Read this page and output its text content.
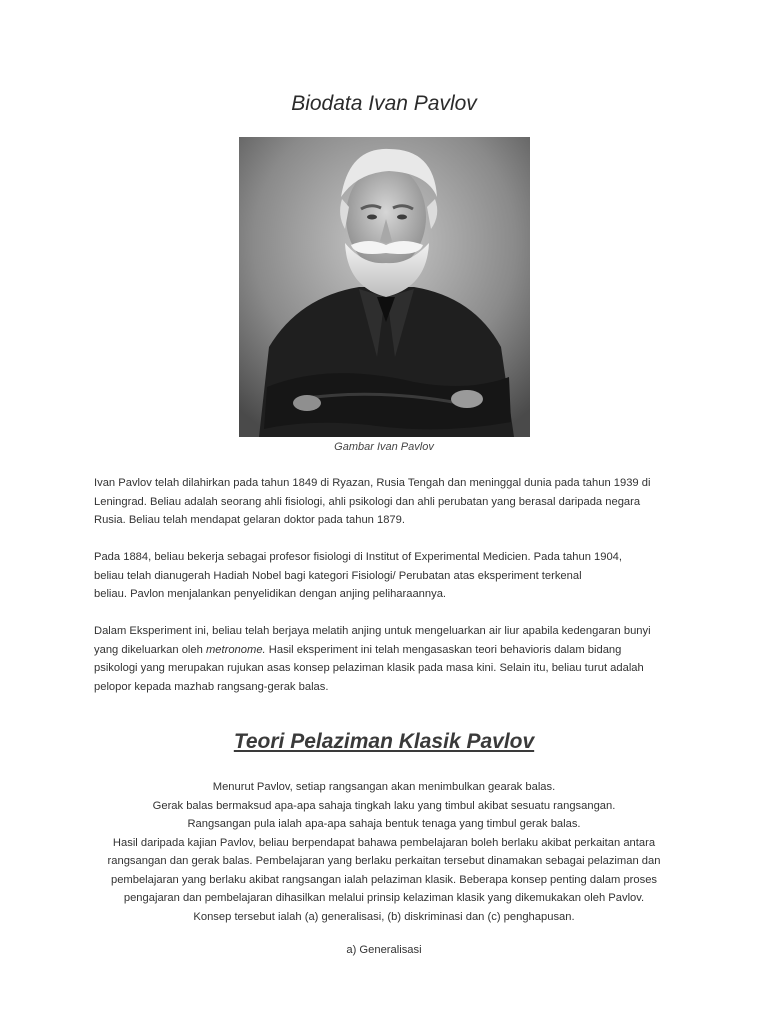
Biodata Ivan Pavlov
Gambar Ivan Pavlov

Ivan Pavlov telah dilahirkan pada tahun 1849 di Ryazan, Rusia Tengah dan meninggal dunia pada tahun 1939 di
Leningrad. Beliau adalah seorang ahli fisiologi, ahli psikologi dan ahli perubatan yang berasal daripada negara
Rusia. Beliau telah mendapat gelaran doktor pada tahun 1879.

Pada 1884, beliau bekerja sebagai profesor fisiologi di Institut of Experimental Medicien. Pada tahun 1904,
beliau telah dianugerah Hadiah Nobel bagi kategori Fisiologi/ Perubatan atas eksperiment terkenal
beliau. Pavlon menjalankan penyelidikan dengan anjing peliharaannya.

Dalam Eksperiment ini, beliau telah berjaya melatih anjing untuk mengeluarkan air liur apabila kedengaran bunyi
yang dikeluarkan oleh metronome. Hasil eksperiment ini telah mengasaskan teori behavioris dalam bidang
psikologi yang merupakan rujukan asas konsep pelaziman klasik pada masa kini. Selain itu, beliau turut adalah
pelopor kepada mazhab rangsang-gerak balas.

Teori Pelaziman Klasik Pavlov
Menurut Pavlov, setiap rangsangan akan menimbulkan gearak balas.
Gerak balas bermaksud apa-apa sahaja tingkah laku yang timbul akibat sesuatu rangsangan.
Rangsangan pula ialah apa-apa sahaja bentuk tenaga yang timbul gerak balas.
Hasil daripada kajian Pavlov, beliau berpendapat bahawa pembelajaran boleh berlaku akibat perkaitan antara
rangsangan dan gerak balas. Pembelajaran yang berlaku perkaitan tersebut dinamakan sebagai pelaziman dan
pembelajaran yang berlaku akibat rangsangan ialah pelaziman klasik. Beberapa konsep penting dalam proses
pengajaran dan pembelajaran dihasilkan melalui prinsip kelaziman klasik yang dikemukakan oleh Pavlov.
Konsep tersebut ialah (a) generalisasi, (b) diskriminasi dan (c) penghapusan.
a) Generalisasi
